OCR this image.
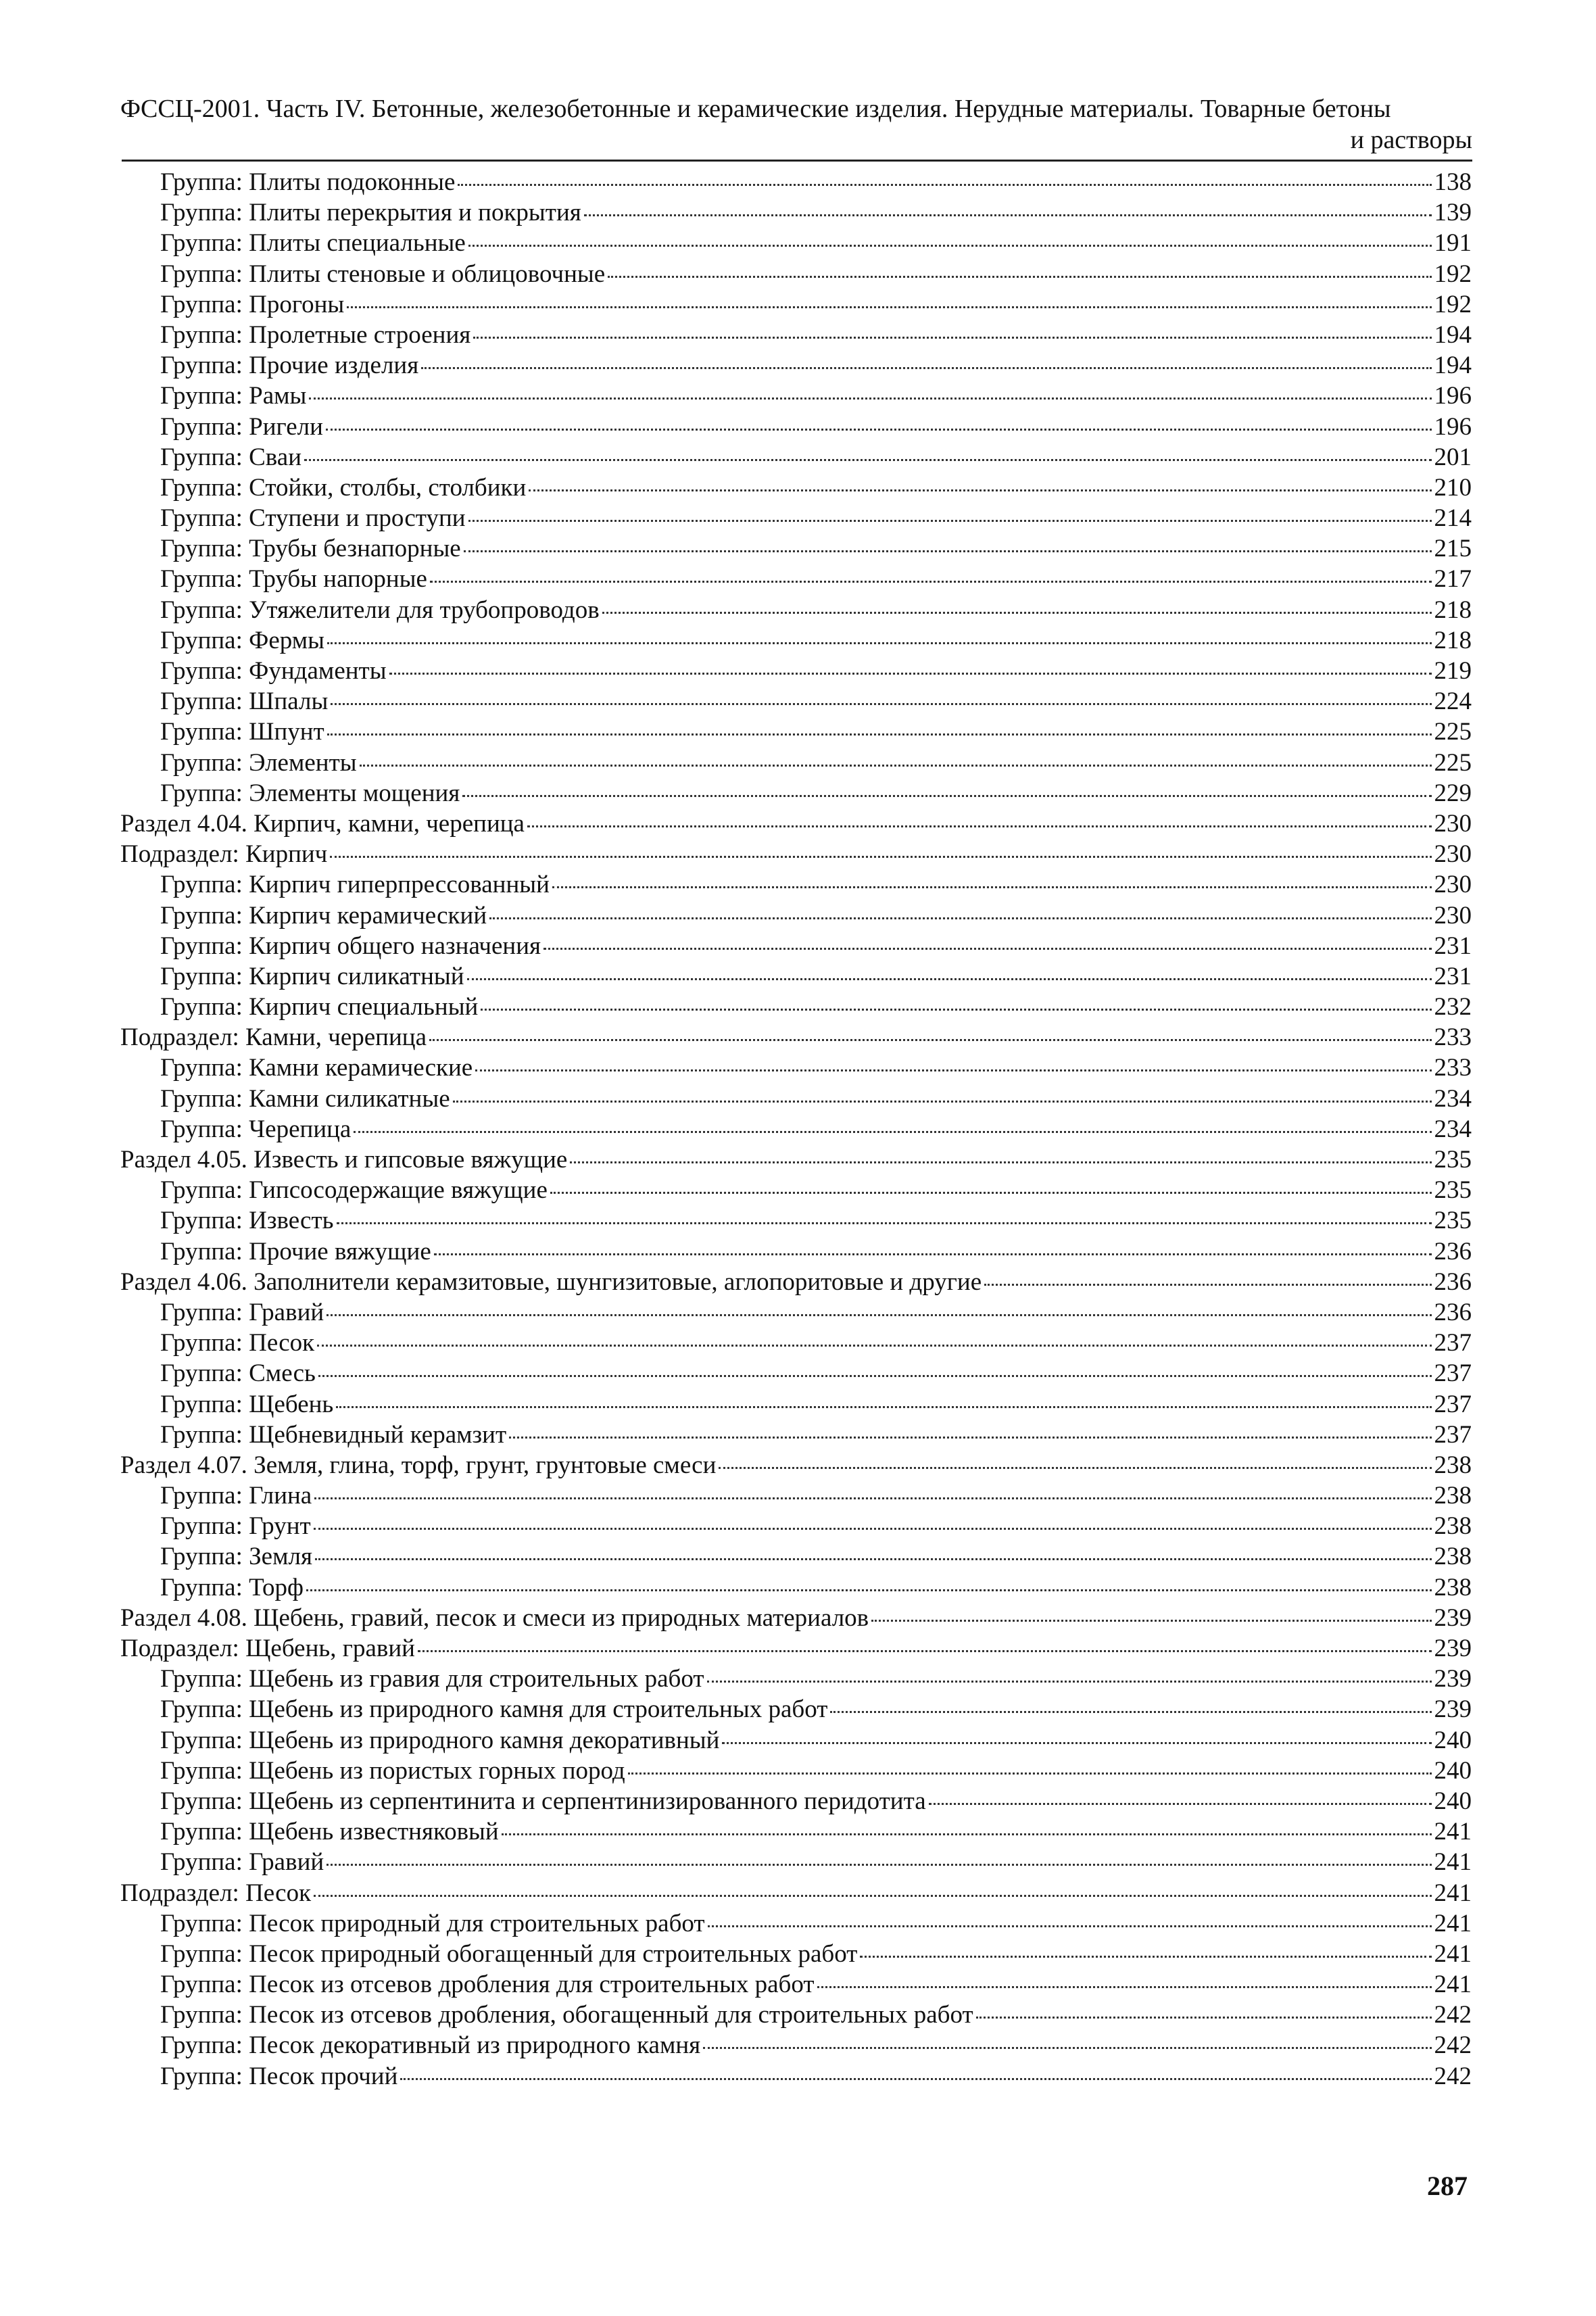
ФССЦ-2001. Часть IV. Бетонные, железобетонные и керамические изделия. Нерудные материалы. Товарные бетоны
и растворы
Группа: Плиты подоконные	138
Группа: Плиты перекрытия и покрытия	139
Группа: Плиты специальные	191
Группа: Плиты стеновые и облицовочные	192
Группа: Прогоны	192
Группа: Пролетные строения	194
Группа: Прочие изделия	194
Группа: Рамы	196
Группа: Ригели	196
Группа: Сваи	201
Группа: Стойки, столбы, столбики	210
Группа: Ступени и проступи	214
Группа: Трубы безнапорные	215
Группа: Трубы напорные	217
Группа: Утяжелители для трубопроводов	218
Группа: Фермы	218
Группа: Фундаменты	219
Группа: Шпалы	224
Группа: Шпунт	225
Группа: Элементы	225
Группа: Элементы мощения	229
Раздел 4.04. Кирпич, камни, черепица	230
Подраздел: Кирпич	230
Группа: Кирпич гиперпрессованный	230
Группа: Кирпич керамический	230
Группа: Кирпич общего назначения	231
Группа: Кирпич силикатный	231
Группа: Кирпич специальный	232
Подраздел: Камни, черепица	233
Группа: Камни керамические	233
Группа: Камни силикатные	234
Группа: Черепица	234
Раздел 4.05. Известь и гипсовые вяжущие	235
Группа: Гипсосодержащие вяжущие	235
Группа: Известь	235
Группа: Прочие вяжущие	236
Раздел 4.06. Заполнители керамзитовые, шунгизитовые, аглопоритовые и другие	236
Группа: Гравий	236
Группа: Песок	237
Группа: Смесь	237
Группа: Щебень	237
Группа: Щебневидный керамзит	237
Раздел 4.07. Земля, глина, торф, грунт, грунтовые смеси	238
Группа: Глина	238
Группа: Грунт	238
Группа: Земля	238
Группа: Торф	238
Раздел 4.08. Щебень, гравий, песок и смеси из природных материалов	239
Подраздел: Щебень, гравий	239
Группа: Щебень из гравия для строительных работ	239
Группа: Щебень из природного камня для строительных работ	239
Группа: Щебень из природного камня декоративный	240
Группа: Щебень из пористых горных пород	240
Группа: Щебень из серпентинита и серпентинизированного перидотита	240
Группа: Щебень известняковый	241
Группа: Гравий	241
Подраздел: Песок	241
Группа: Песок природный для строительных работ	241
Группа: Песок природный обогащенный для строительных работ	241
Группа: Песок из отсевов дробления для строительных работ	241
Группа: Песок из отсевов дробления, обогащенный для строительных работ	242
Группа: Песок декоративный из природного камня	242
Группа: Песок прочий	242
287
